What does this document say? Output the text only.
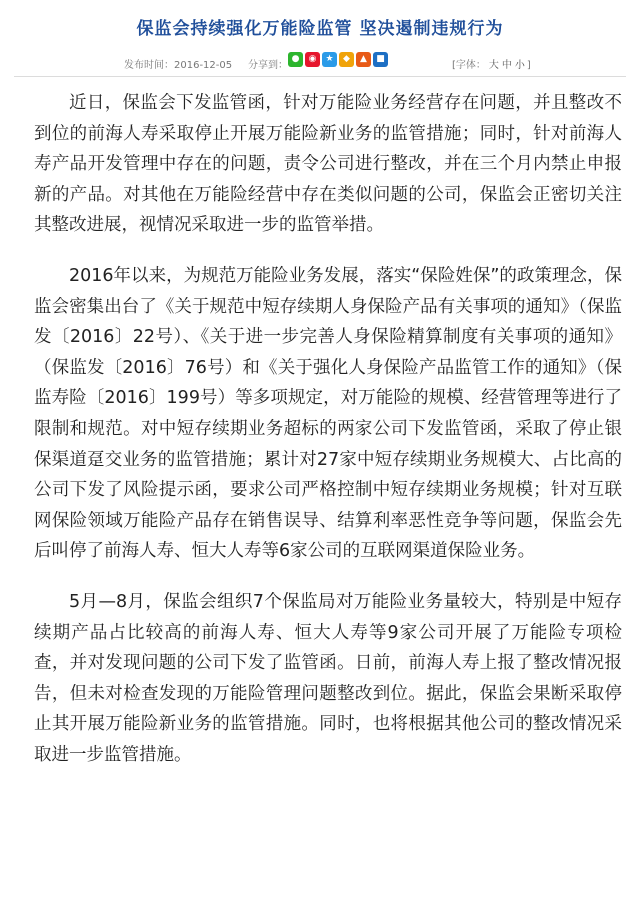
保监会持续强化万能险监管 坚决遏制违规行为
发布时间：2016-12-05 分享到：
●	◉	★	◆	▲	■
[字体： 大 中 小 ]

近日，保监会下发监管函，针对万能险业务经营存在问题，并且整改不到位的前海人寿采取停止开展万能险新业务的监管措施；同时，针对前海人寿产品开发管理中存在的问题，责令公司进行整改，并在三个月内禁止申报新的产品。对其他在万能险经营中存在类似问题的公司，保监会正密切关注其整改进展，视情况采取进一步的监管举措。

2016年以来，为规范万能险业务发展，落实“保险姓保”的政策理念，保监会密集出台了《关于规范中短存续期人身保险产品有关事项的通知》（保监发〔2016〕22号）、《关于进一步完善人身保险精算制度有关事项的通知》（保监发〔2016〕76号）和《关于强化人身保险产品监管工作的通知》（保监寿险〔2016〕199号）等多项规定，对万能险的规模、经营管理等进行了限制和规范。对中短存续期业务超标的两家公司下发监管函，采取了停止银保渠道趸交业务的监管措施；累计对27家中短存续期业务规模大、占比高的公司下发了风险提示函，要求公司严格控制中短存续期业务规模；针对互联网保险领域万能险产品存在销售误导、结算利率恶性竞争等问题，保监会先后叫停了前海人寿、恒大人寿等6家公司的互联网渠道保险业务。

5月—8月，保监会组织7个保监局对万能险业务量较大，特别是中短存续期产品占比较高的前海人寿、恒大人寿等9家公司开展了万能险专项检查，并对发现问题的公司下发了监管函。日前，前海人寿上报了整改情况报告，但未对检查发现的万能险管理问题整改到位。据此，保监会果断采取停止其开展万能险新业务的监管措施。同时，也将根据其他公司的整改情况采取进一步监管措施。
